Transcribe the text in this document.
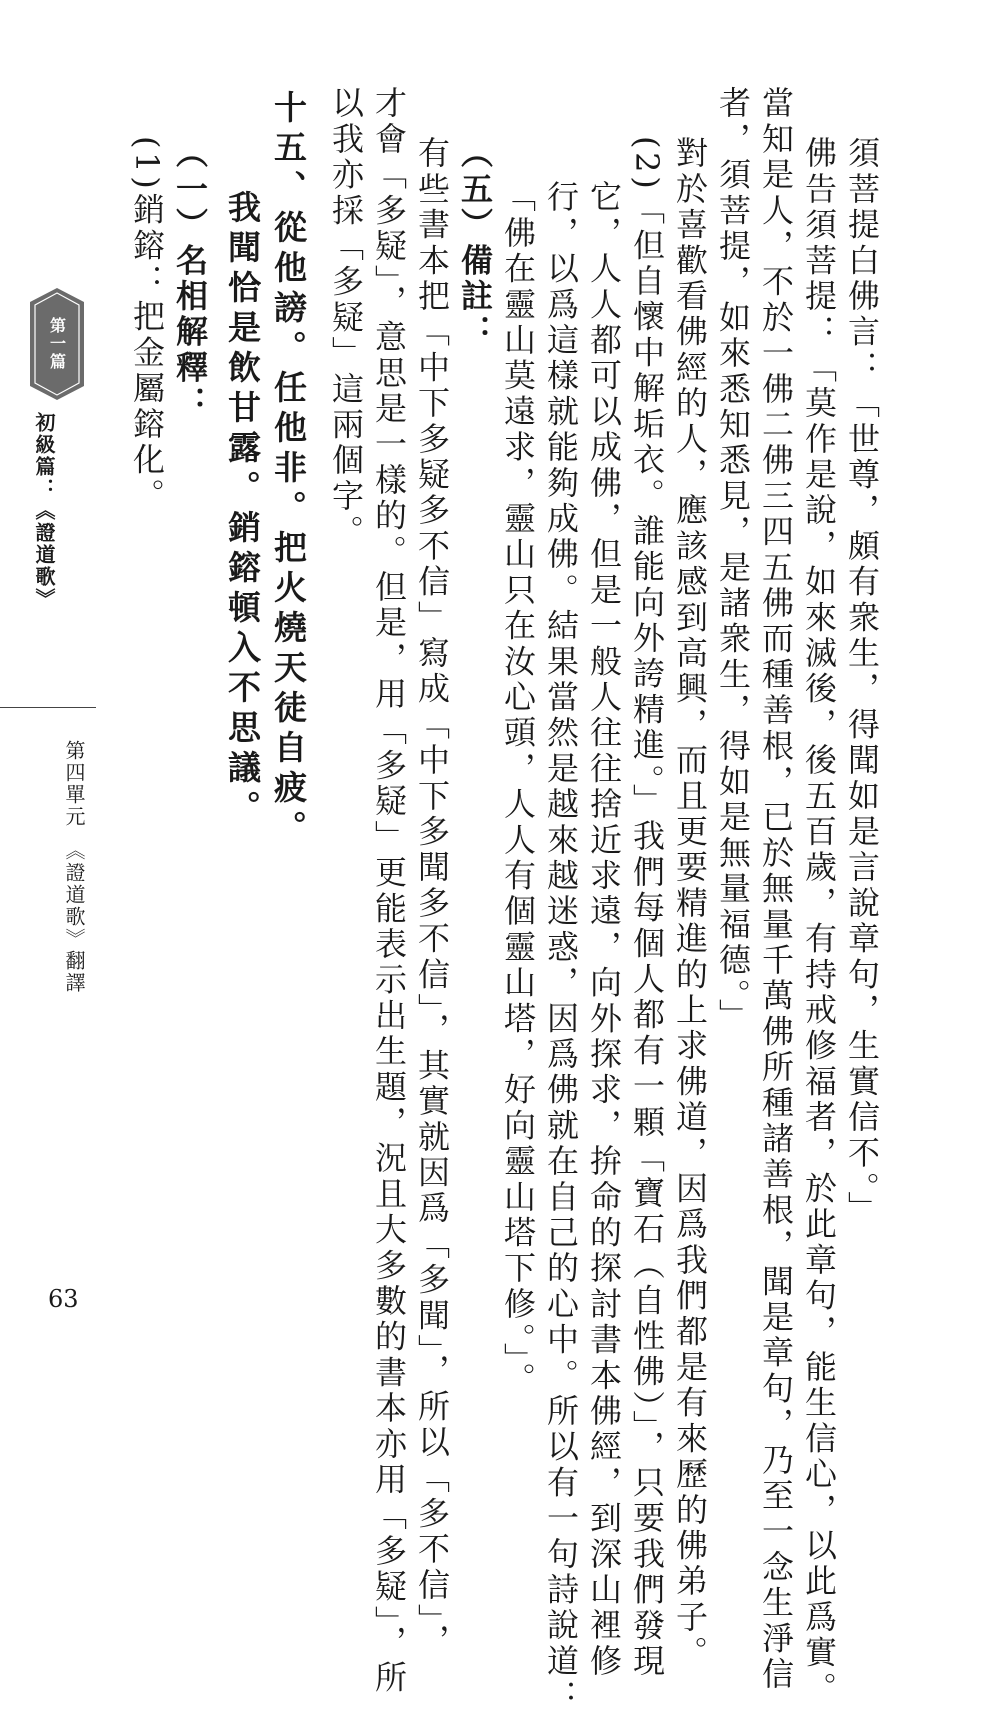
須菩提白佛言：「世尊，頗有衆生，得聞如是言說章句，生實信不。」
佛告須菩提：「莫作是說，如來滅後，後五百歲，有持戒修福者，於此章句，能生信心，以此爲實。
當知是人，不於一佛二佛三四五佛而種善根，已於無量千萬佛所種諸善根，聞是章句，乃至一念生淨信
者，須菩提，如來悉知悉見，是諸衆生，得如是無量福德。」
對於喜歡看佛經的人，應該感到高興，而且更要精進的上求佛道，因爲我們都是有來歷的佛弟子。
(2)「但自懷中解垢衣。誰能向外誇精進。」我們每個人都有一顆「寶石（自性佛）」，只要我們發現
它，人人都可以成佛，但是一般人往往捨近求遠，向外探求，拚命的探討書本佛經，到深山裡修
行，以爲這樣就能夠成佛。結果當然是越來越迷惑，因爲佛就在自己的心中。所以有一句詩說道：
「佛在靈山莫遠求，靈山只在汝心頭，人人有個靈山塔，好向靈山塔下修。」。
（五）備註：
有些書本把「中下多疑多不信」寫成「中下多聞多不信」，其實就因爲「多聞」，所以「多不信」，
才會「多疑」，意思是一樣的。但是，用「多疑」更能表示出生題，況且大多數的書本亦用「多疑」，所
以我亦採「多疑」這兩個字。
十五、從他謗。任他非。把火燒天徒自疲。
我聞恰是飲甘露。銷鎔頓入不思議。
（一）名相解釋：
(1)銷鎔：把金屬鎔化。
第一篇
初級篇：《證道歌》
第四單元　《證道歌》翻譯
63
